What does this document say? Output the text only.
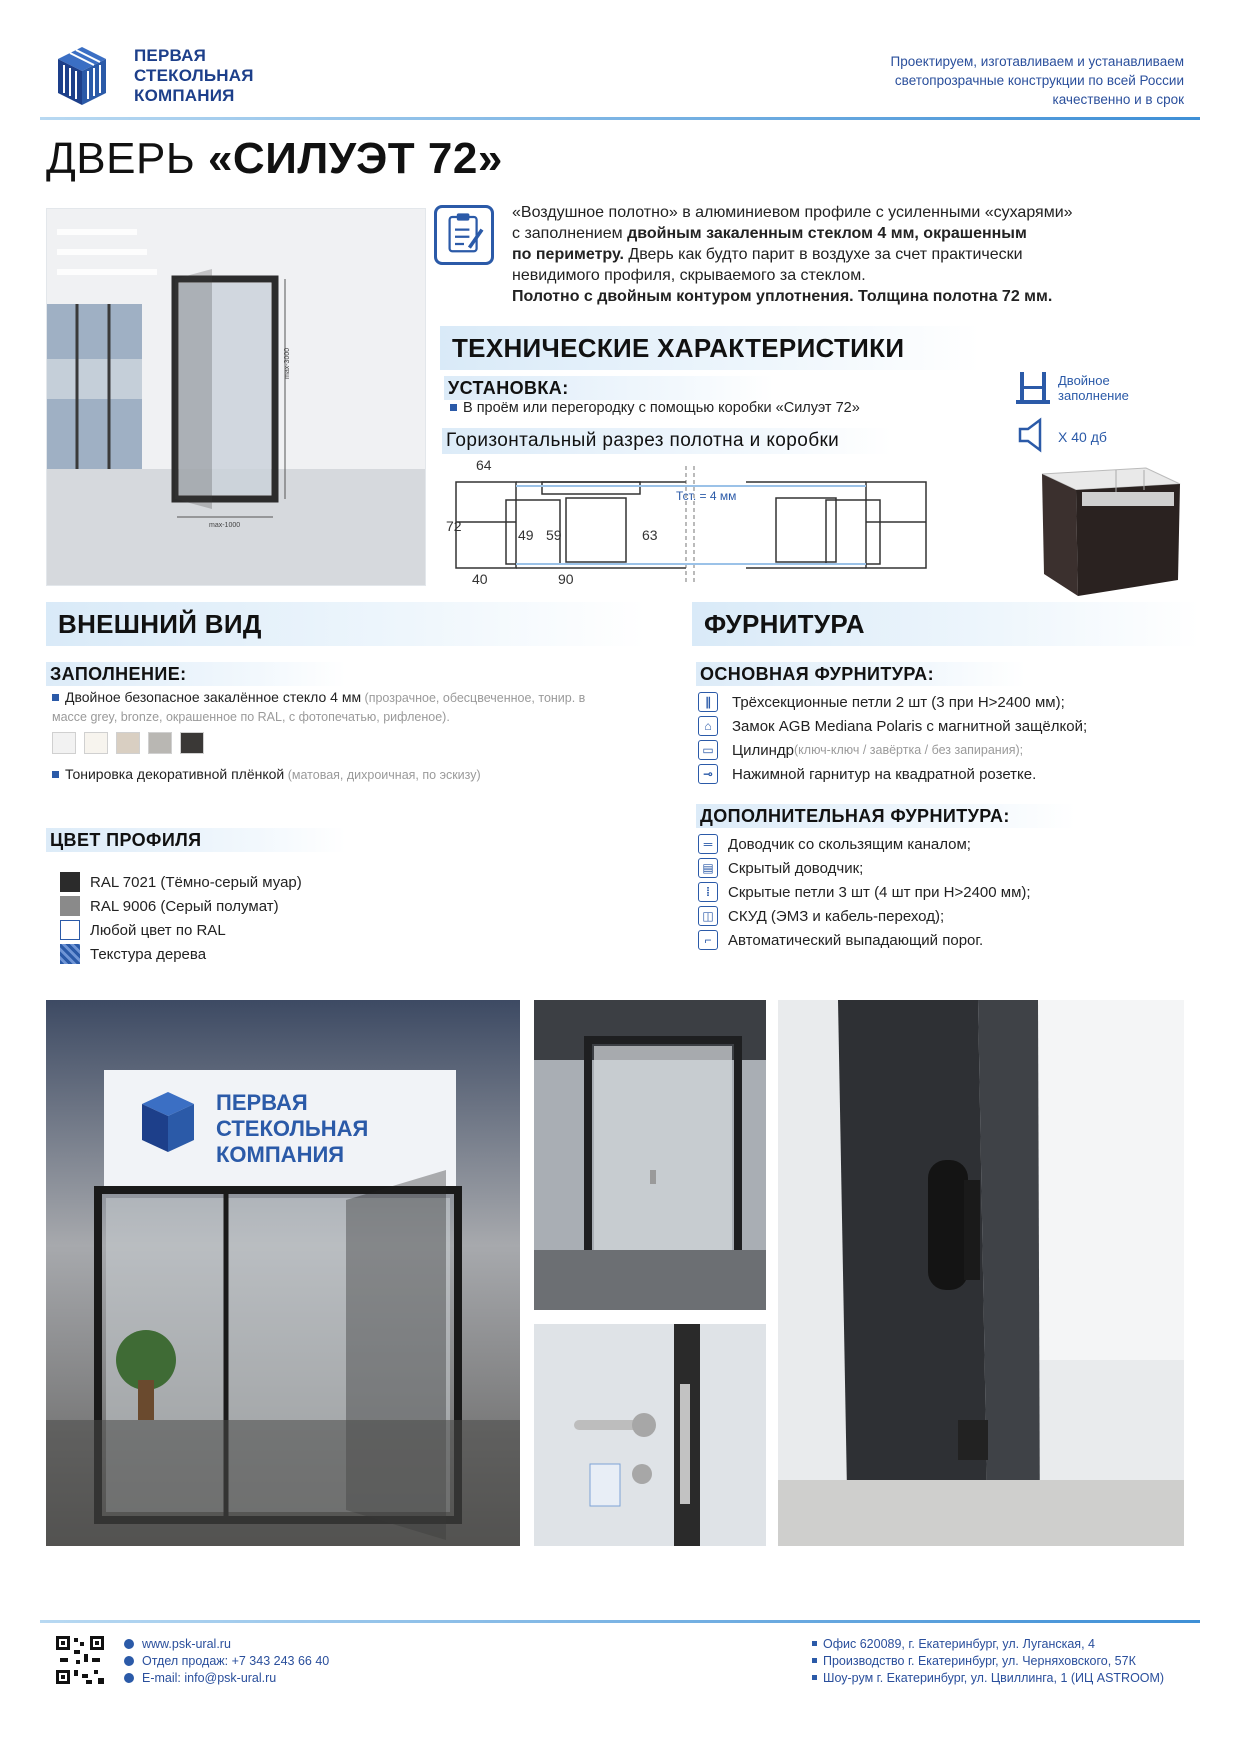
ПЕРВАЯ
СТЕКОЛЬНАЯ
КОМПАНИЯ
Проектируем, изготавливаем и устанавливаем
светопрозрачные конструкции по всей России
качественно и в срок
ДВЕРЬ «СИЛУЭТ 72»
max-3000
max-1000
«Воздушное полотно» в алюминиевом профиле с усиленными «сухарями»
с заполнением двойным закаленным стеклом 4 мм, окрашенным
по периметру. Дверь как будто парит в воздухе за счет практически
невидимого профиля, скрываемого за стеклом.
Полотно с двойным контуром уплотнения. Толщина полотна 72 мм.
ТЕХНИЧЕСКИЕ ХАРАКТЕРИСТИКИ
УСТАНОВКА:
В проём или перегородку с помощью коробки «Силуэт 72»
Горизонтальный разрез полотна и коробки
Двойное
заполнение
Х 40 дб
64
72
40	90
49 59	63
Тст. = 4 мм
ВНЕШНИЙ ВИД
ЗАПОЛНЕНИЕ:
Двойное безопасное закалённое стекло 4 мм (прозрачное, обесцвеченное, тонир. в массе grey, bronze, окрашенное по RAL, с фотопечатью, рифленое).
Тонировка декоративной плёнкой (матовая, дихроичная, по эскизу)
ЦВЕТ ПРОФИЛЯ
RAL 7021 (Тёмно-серый муар)
RAL 9006 (Серый полумат)
Любой цвет по RAL
Текстура дерева
ФУРНИТУРА
ОСНОВНАЯ ФУРНИТУРА:
∥	Трёхсекционные петли 2 шт (3 при H>2400 мм);
⌂	Замок AGB Mediana Polaris с магнитной защёлкой;
▭ Цилиндр (ключ-ключ / завёртка / без запирания);
⊸	Нажимной гарнитур на квадратной розетке.
ДОПОЛНИТЕЛЬНАЯ ФУРНИТУРА:
═	Доводчик со скользящим каналом;
▤ Скрытый доводчик;
⁞	Скрытые петли 3 шт (4 шт при H>2400 мм);
◫ СКУД (ЭМЗ и кабель-переход);
⌐	Автоматический выпадающий порог.
ПЕРВАЯ
СТЕКОЛЬНАЯ
КОМПАНИЯ
www.psk-ural.ru
Отдел продаж: +7 343 243 66 40
E-mail: info@psk-ural.ru
Офис 620089, г. Екатеринбург, ул. Луганская, 4
Производство г. Екатеринбург, ул. Черняховского, 57К
Шоу-рум г. Екатеринбург, ул. Цвиллинга, 1 (ИЦ ASTROOM)
